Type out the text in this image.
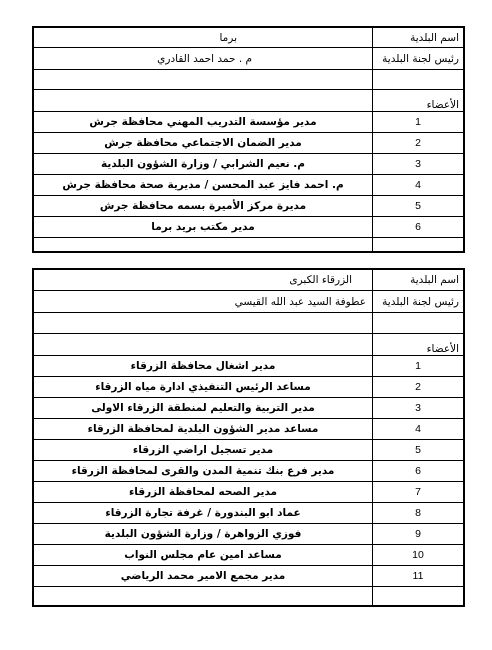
اسم البلدية	برما
رئيس لجنة البلدية	م . حمد احمد القادري

الأعضاء	
1	مدير مؤسسة التدريب المهني محافظة جرش
2	مدير الضمان الاجتماعي محافظة جرش
3	م. نعيم الشرابي / وزارة الشؤون البلدية
4	م. احمد فايز عبد المحسن / مديرية صحة محافظة جرش
5	مديرة مركز الأميرة بسمه محافظة جرش
6	مدير مكتب بريد برما

اسم البلدية	الزرقاء الكبرى
رئيس لجنة البلدية	عطوفة السيد عبد الله القيسي

الأعضاء	
1	مدير اشغال محافظة الزرقاء
2	مساعد الرئيس التنفيذي ادارة مياه الزرقاء
3	مدير التربية والتعليم لمنطقة الزرقاء الاولى
4	مساعد مدير الشؤون البلدية لمحافظة الزرقاء
5	مدير تسجيل اراضي الزرقاء
6	مدير فرع بنك تنمية المدن والقرى لمحافظة الزرقاء
7	مدير الصحه لمحافظة الزرقاء
8	عماد ابو البندورة / غرفة تجارة الزرقاء
9	فوزي الزواهرة / وزارة الشؤون البلدية
10	مساعد امين عام مجلس النواب
11	مدير مجمع الامير محمد الرياضي
